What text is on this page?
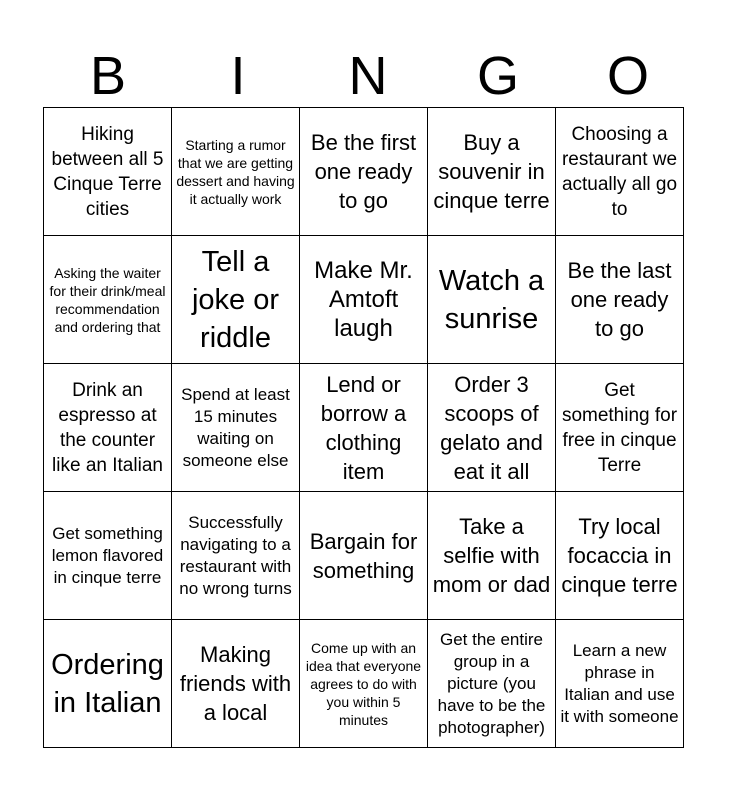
B	I	N	G	O
Hiking between all 5 Cinque Terre cities	Starting a rumor that we are getting dessert and having it actually work	Be the first one ready to go	Buy a souvenir in cinque terre	Choosing a restaurant we actually all go to

Asking the waiter for their drink/meal recommendation and ordering that	Tell a joke or riddle	Make Mr. Amtoft laugh	Watch a sunrise	Be the last one ready to go

Drink an espresso at the counter like an Italian	Spend at least 15 minutes waiting on someone else	Lend or borrow a clothing item	Order 3 scoops of gelato and eat it all	Get something for free in cinque Terre

Get something lemon flavored in cinque terre	Successfully navigating to a restaurant with no wrong turns	Bargain for something	Take a selfie with mom or dad	Try local focaccia in cinque terre

Ordering in Italian	Making friends with a local	Come up with an idea that everyone agrees to do with you within 5 minutes	Get the entire group in a picture (you have to be the photographer)	Learn a new phrase in Italian and use it with someone
